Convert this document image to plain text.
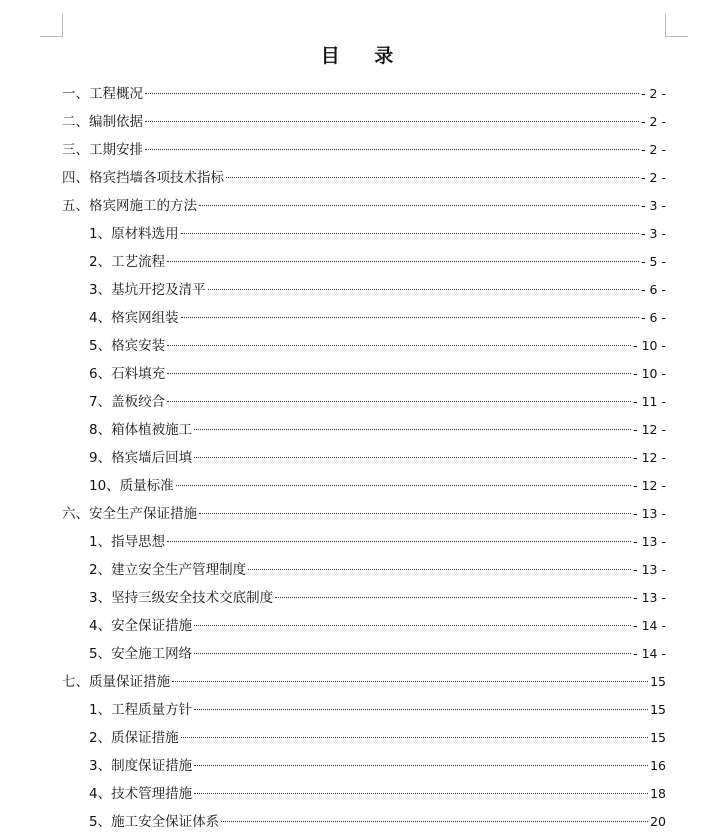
目 录
一、工程概况	- 2 -
二、编制依据	- 2 -
三、工期安排	- 2 -
四、格宾挡墙各项技术指标	- 2 -
五、格宾网施工的方法	- 3 -
1、原材料选用	- 3 -
2、工艺流程	- 5 -
3、基坑开挖及清平	- 6 -
4、格宾网组装	- 6 -
5、格宾安装	- 10 -
6、石料填充	- 10 -
7、盖板绞合	- 11 -
8、箱体植被施工	- 12 -
9、格宾墙后回填	- 12 -
10、质量标准	- 12 -
六、安全生产保证措施	- 13 -
1、指导思想	- 13 -
2、建立安全生产管理制度	- 13 -
3、坚持三级安全技术交底制度	- 13 -
4、安全保证措施	- 14 -
5、安全施工网络	- 14 -
七、质量保证措施	15
1、工程质量方针	15
2、质保证措施	15
3、制度保证措施	16
4、技术管理措施	18
5、施工安全保证体系	20
